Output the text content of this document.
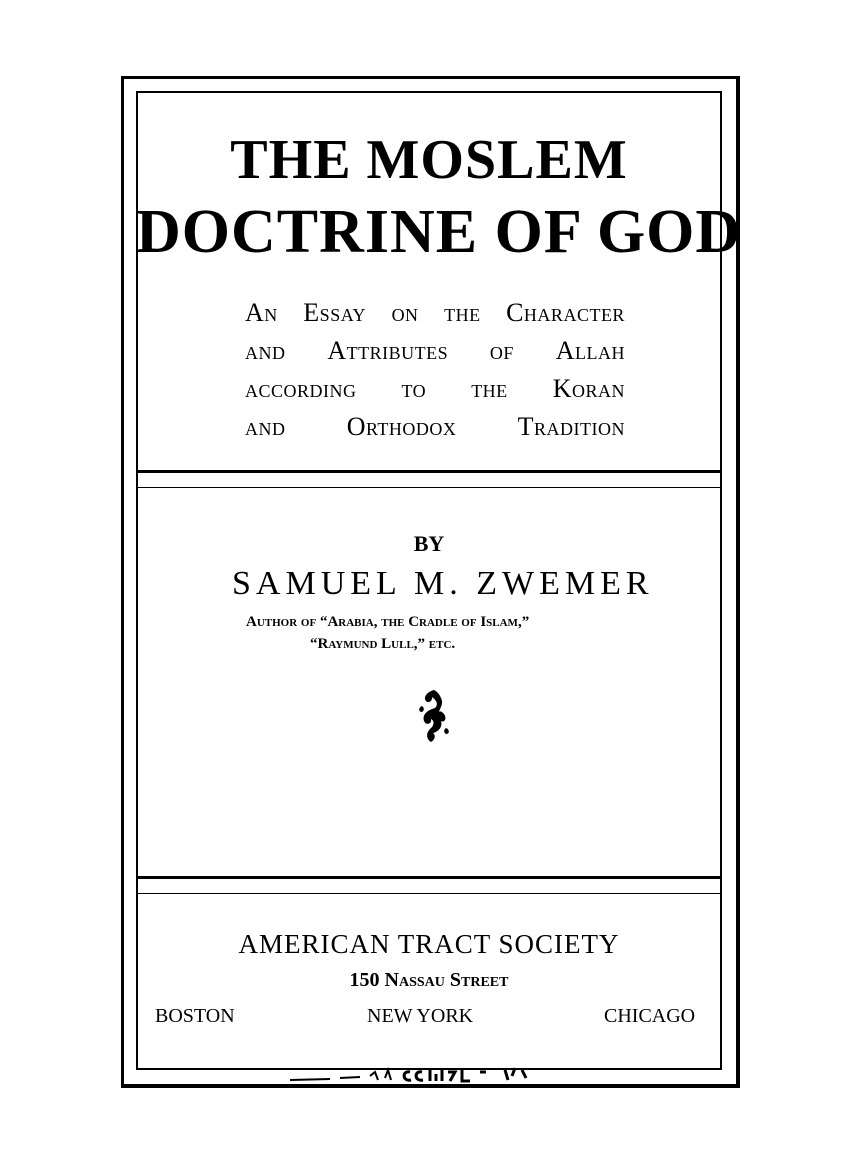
THE MOSLEM
DOCTRINE OF GOD
An Essay on the Character
and Attributes of Allah
according to the Koran
and Orthodox Tradition
BY
SAMUEL M. ZWEMER
Author of “Arabia, the Cradle of Islam,”
“Raymund Lull,” etc.
AMERICAN TRACT SOCIETY
150 Nassau Street
BOSTON	NEW YORK	CHICAGO
